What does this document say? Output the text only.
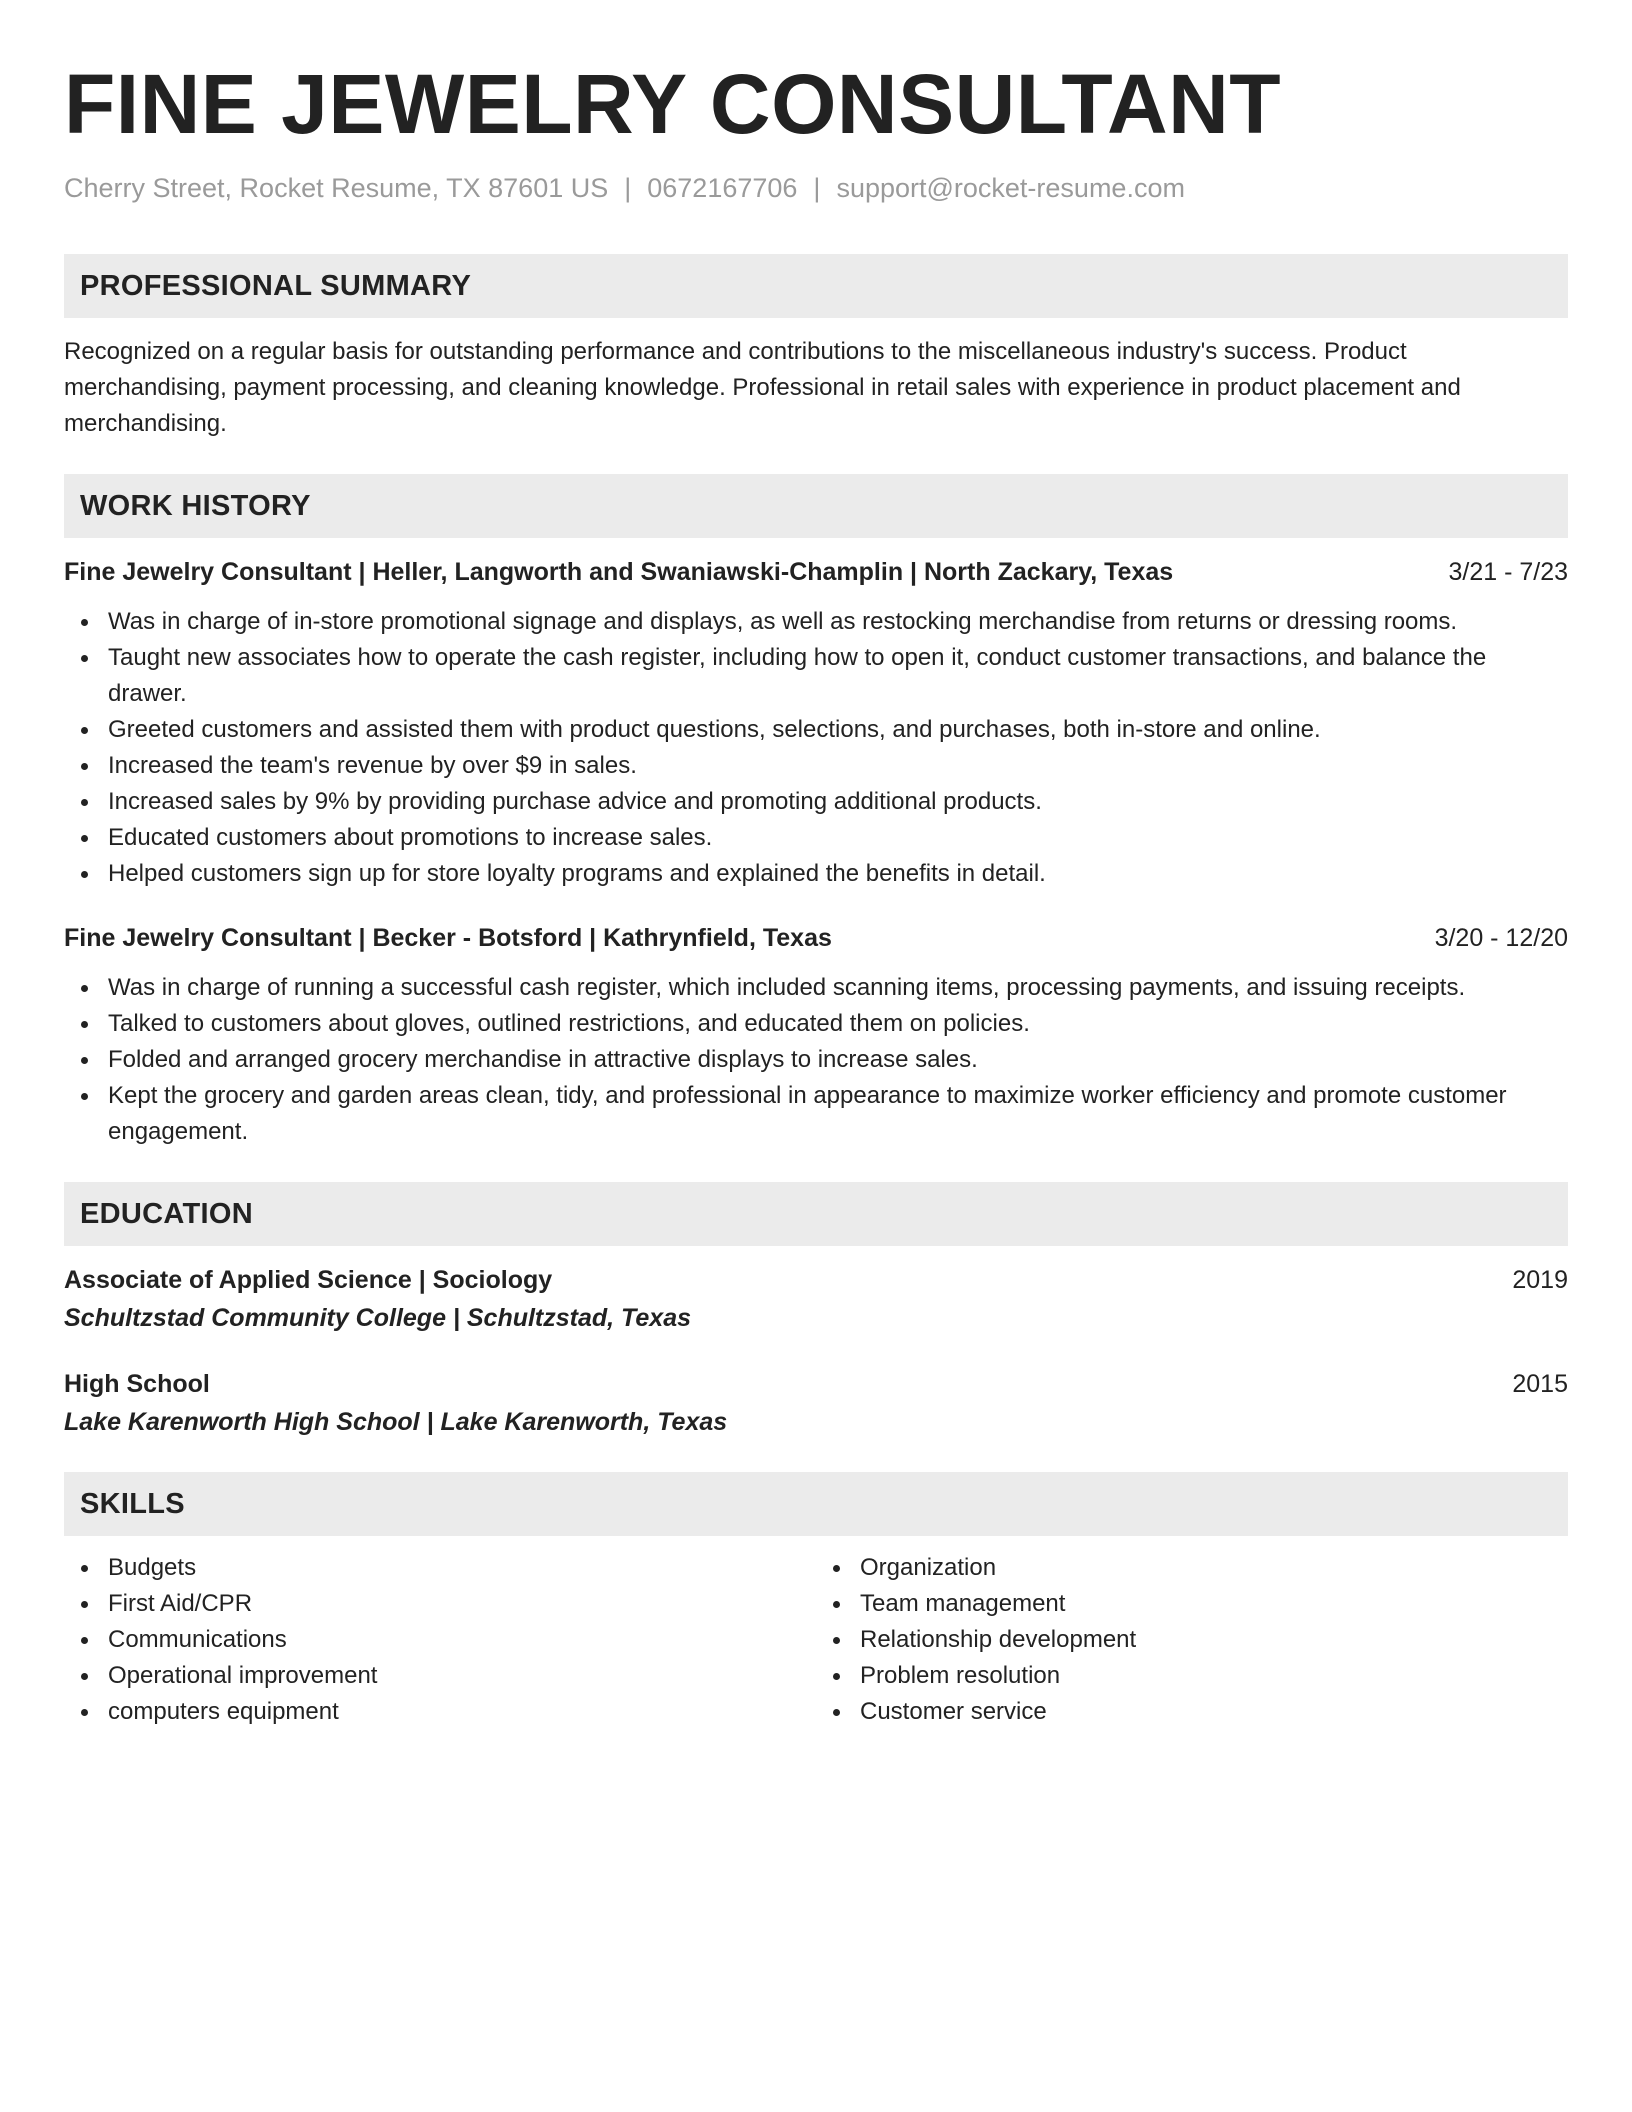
FINE JEWELRY CONSULTANT
Cherry Street, Rocket Resume, TX 87601 US | 0672167706 | support@rocket-resume.com
PROFESSIONAL SUMMARY
Recognized on a regular basis for outstanding performance and contributions to the miscellaneous industry's success. Product merchandising, payment processing, and cleaning knowledge. Professional in retail sales with experience in product placement and merchandising.
WORK HISTORY
Fine Jewelry Consultant | Heller, Langworth and Swaniawski-Champlin | North Zackary, Texas	3/21 - 7/23
Was in charge of in-store promotional signage and displays, as well as restocking merchandise from returns or dressing rooms.
Taught new associates how to operate the cash register, including how to open it, conduct customer transactions, and balance the drawer.
Greeted customers and assisted them with product questions, selections, and purchases, both in-store and online.
Increased the team's revenue by over $9 in sales.
Increased sales by 9% by providing purchase advice and promoting additional products.
Educated customers about promotions to increase sales.
Helped customers sign up for store loyalty programs and explained the benefits in detail.
Fine Jewelry Consultant | Becker - Botsford | Kathrynfield, Texas	3/20 - 12/20
Was in charge of running a successful cash register, which included scanning items, processing payments, and issuing receipts.
Talked to customers about gloves, outlined restrictions, and educated them on policies.
Folded and arranged grocery merchandise in attractive displays to increase sales.
Kept the grocery and garden areas clean, tidy, and professional in appearance to maximize worker efficiency and promote customer engagement.
EDUCATION
Associate of Applied Science | Sociology	2019
Schultzstad Community College | Schultzstad, Texas
High School	2015
Lake Karenworth High School | Lake Karenworth, Texas
SKILLS
Budgets
First Aid/CPR
Communications
Operational improvement
computers equipment
Organization
Team management
Relationship development
Problem resolution
Customer service
